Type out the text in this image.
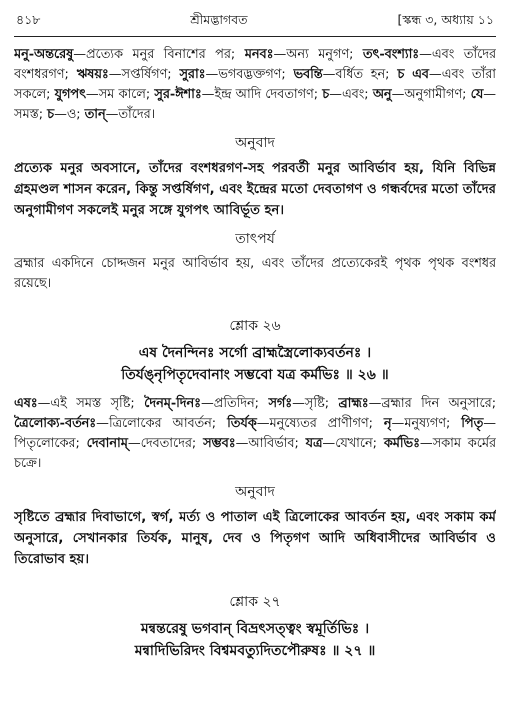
৪১৮	শ্রীমদ্ভাগবত	[স্কন্ধ ৩, অধ্যায় ১১

মনু-অন্তরেষু—প্রত্যেক মনুর বিনাশের পর; মনবঃ—অন্য মনুগণ; তৎ-বংশ্যাঃ—এবং তাঁদের বংশধরগণ; ঋষয়ঃ—সপ্তর্ষিগণ; সুরাঃ—ভগবদ্ভক্তগণ; ভবন্তি—বর্ধিত হন; চ এব—এবং তাঁরা সকলে; যুগপৎ—সম কালে; সুর-ঈশাঃ—ইন্দ্র আদি দেবতাগণ; চ—এবং; অনু—অনুগামীগণ; যে—সমস্ত; চ—ও; তান্—তাঁদের।

অনুবাদ

প্রত্যেক মনুর অবসানে, তাঁদের বংশধরগণ-সহ পরবর্তী মনুর আবির্ভাব হয়, যিনি বিভিন্ন গ্রহমণ্ডল শাসন করেন, কিন্তু সপ্তর্ষিগণ, এবং ইন্দ্রের মতো দেবতাগণ ও গন্ধর্বদের মতো তাঁদের অনুগামীগণ সকলেই মনুর সঙ্গে যুগপৎ আবির্ভূত হন।

তাৎপর্য

ব্রহ্মার একদিনে চোদ্দজন মনুর আবির্ভাব হয়, এবং তাঁদের প্রত্যেকেরই পৃথক পৃথক বংশধর রয়েছে।

শ্লোক ২৬
এষ দৈনন্দিনঃ সর্গো ব্রাহ্মস্ত্রৈলোক্যবর্তনঃ ।
তির্যঙ্নৃপিতৃদেবানাং সম্ভবো যত্র কর্মভিঃ ॥ ২৬ ॥

এষঃ—এই সমস্ত সৃষ্টি; দৈনম্-দিনঃ—প্রতিদিন; সর্গঃ—সৃষ্টি; ব্রাহ্মঃ—ব্রহ্মার দিন অনুসারে; ত্রৈলোক্য-বর্তনঃ—ত্রিলোকের আবর্তন; তির্যক্—মনুষ্যেতর প্রাণীগণ; নৃ—মনুষ্যগণ; পিতৃ—পিতৃলোকের; দেবানাম্—দেবতাদের; সম্ভবঃ—আবির্ভাব; যত্র—যেখানে; কর্মভিঃ—সকাম কর্মের চক্রে।

অনুবাদ

সৃষ্টিতে ব্রহ্মার দিবাভাগে, স্বর্গ, মর্ত্য ও পাতাল এই ত্রিলোকের আবর্তন হয়, এবং সকাম কর্ম অনুসারে, সেখানকার তির্যক, মানুষ, দেব ও পিতৃগণ আদি অধিবাসীদের আবির্ভাব ও তিরোভাব হয়।

শ্লোক ২৭
মন্বন্তরেষু ভগবান্ বিভ্রৎসত্ত্বং স্বমূর্তিভিঃ ।
মন্বাদিভিরিদং বিশ্বমবত্যুদিতপৌরুষঃ ॥ ২৭ ॥
